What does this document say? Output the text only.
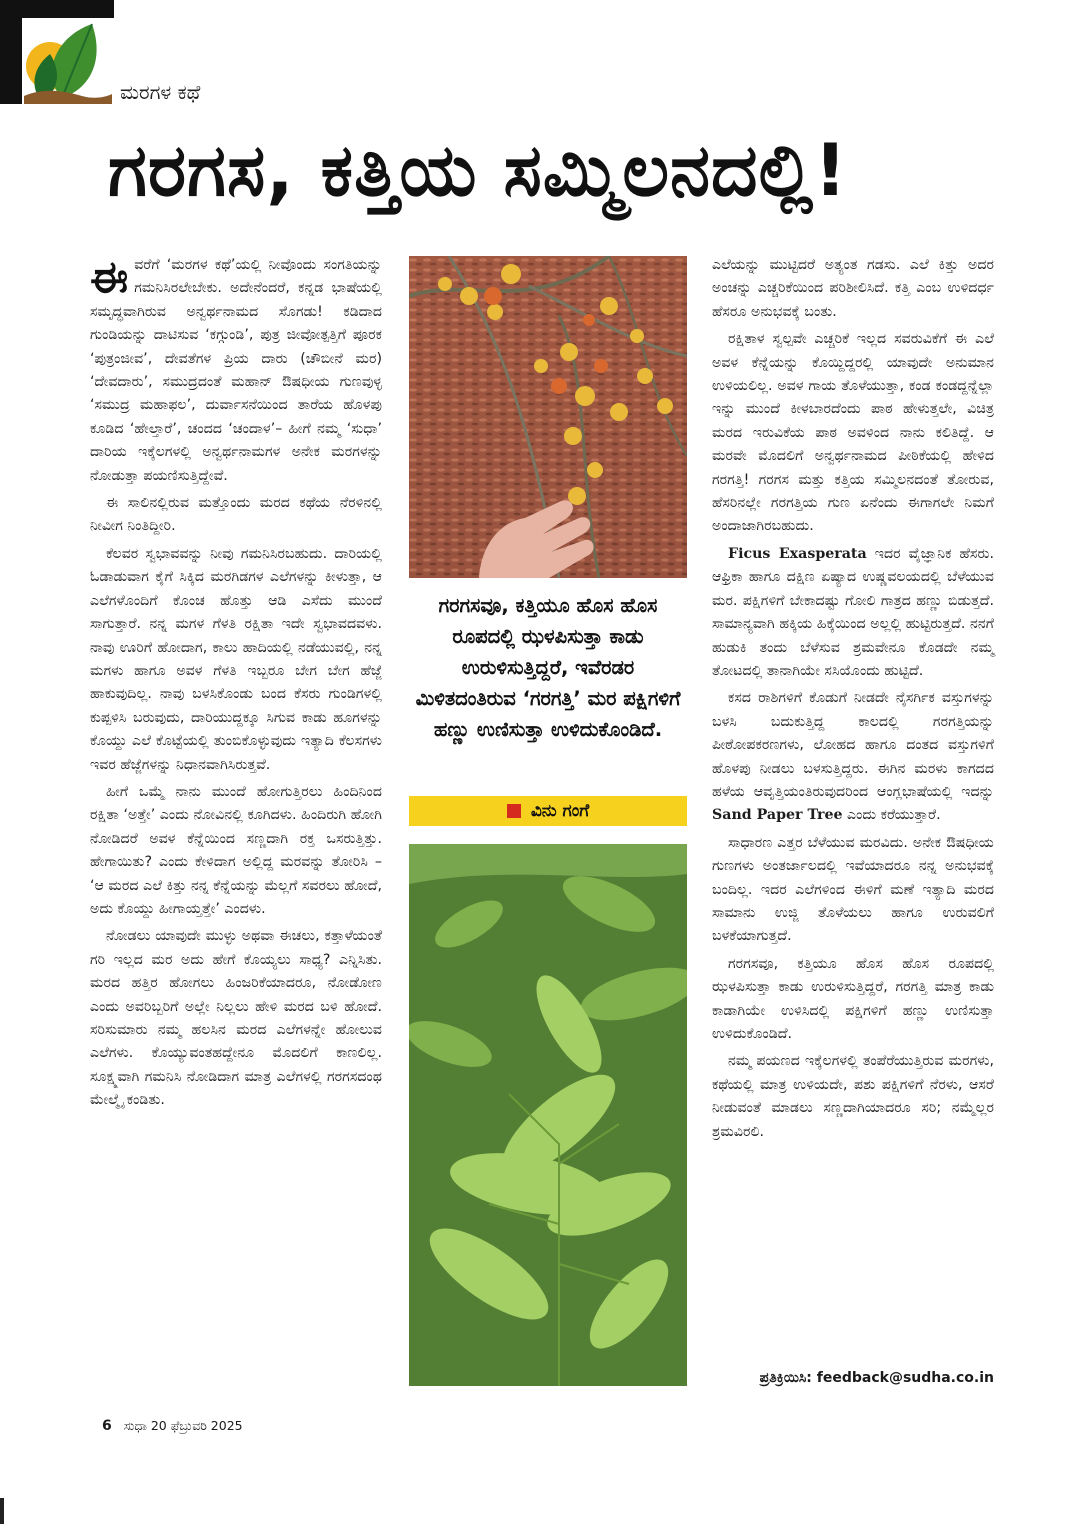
ಮರಗಳ ಕಥೆ
ಗರಗಸ, ಕತ್ತಿಯ ಸಮ್ಮಿಲನದಲ್ಲಿ!

ಈವರೆಗೆ ‘ಮರಗಳ ಕಥೆ’ಯಲ್ಲಿ ನೀವೊಂದು ಸಂಗತಿಯನ್ನು ಗಮನಿಸಿರಲೇಬೇಕು. ಅದೇನೆಂದರೆ, ಕನ್ನಡ ಭಾಷೆಯಲ್ಲಿ ಸಮೃದ್ಧವಾಗಿರುವ ಅನ್ವರ್ಥನಾಮದ ಸೊಗಡು! ಕಡಿದಾದ ಗುಂಡಿಯನ್ನು ದಾಟಿಸುವ ‘ಕಗ್ಗುಂಡಿ’, ಪುತ್ರ ಜೀವೋತ್ಪತ್ತಿಗೆ ಪೂರಕ ‘ಪುತ್ರಂಜೀವ’, ದೇವತೆಗಳ ಪ್ರಿಯ ದಾರು (ಚೌಬೀನೆ ಮರ) ‘ದೇವದಾರು’, ಸಮುದ್ರದಂತೆ ಮಹಾನ್ ಔಷಧೀಯ ಗುಣವುಳ್ಳ ‘ಸಮುದ್ರ ಮಹಾಫಲ’, ದುರ್ವಾಸನೆಯಿಂದ ತಾರೆಯ ಹೊಳಪು ಕೂಡಿದ ‘ಹೇಲ್ತಾರೆ’, ಚಂದದ ‘ಚಂದಾಳ’– ಹೀಗೆ ನಮ್ಮ ‘ಸುಧಾ’ ದಾರಿಯ ಇಕ್ಕೆಲಗಳಲ್ಲಿ ಅನ್ವರ್ಥನಾಮಗಳ ಅನೇಕ ಮರಗಳನ್ನು ನೋಡುತ್ತಾ ಪಯಣಿಸುತ್ತಿದ್ದೇವೆ.

ಈ ಸಾಲಿನಲ್ಲಿರುವ ಮತ್ತೊಂದು ಮರದ ಕಥೆಯ ನೆರಳಿನಲ್ಲಿ ನೀವೀಗ ನಿಂತಿದ್ದೀರಿ.

ಕೆಲವರ ಸ್ವಭಾವವನ್ನು ನೀವು ಗಮನಿಸಿರಬಹುದು. ದಾರಿಯಲ್ಲಿ ಓಡಾಡುವಾಗ ಕೈಗೆ ಸಿಕ್ಕಿದ ಮರಗಿಡಗಳ ಎಲೆಗಳನ್ನು ಕೀಳುತ್ತಾ, ಆ ಎಲೆಗಳೊಂದಿಗೆ ಕೊಂಚ ಹೊತ್ತು ಆಡಿ ಎಸೆದು ಮುಂದೆ ಸಾಗುತ್ತಾರೆ. ನನ್ನ ಮಗಳ ಗೆಳತಿ ರಕ್ಷಿತಾ ಇದೇ ಸ್ವಭಾವದವಳು. ನಾವು ಊರಿಗೆ ಹೋದಾಗ, ಕಾಲು ಹಾದಿಯಲ್ಲಿ ನಡೆಯುವಲ್ಲಿ, ನನ್ನ ಮಗಳು ಹಾಗೂ ಅವಳ ಗೆಳತಿ ಇಬ್ಬರೂ ಬೇಗ ಬೇಗ ಹೆಜ್ಜೆ ಹಾಕುವುದಿಲ್ಲ. ನಾವು ಬಳಸಿಕೊಂಡು ಬಂದ ಕೆಸರು ಗುಂಡಿಗಳಲ್ಲಿ ಕುಪ್ಪಳಿಸಿ ಬರುವುದು, ದಾರಿಯುದ್ದಕ್ಕೂ ಸಿಗುವ ಕಾಡು ಹೂಗಳನ್ನು ಕೊಯ್ದು ಎಲೆ ಕೊಟ್ಟೆಯಲ್ಲಿ ತುಂಬಿಕೊಳ್ಳುವುದು ಇತ್ಯಾದಿ ಕೆಲಸಗಳು ಇವರ ಹೆಜ್ಜೆಗಳನ್ನು ನಿಧಾನವಾಗಿಸಿರುತ್ತವೆ.

ಹೀಗೆ ಒಮ್ಮೆ ನಾನು ಮುಂದೆ ಹೋಗುತ್ತಿರಲು ಹಿಂದಿನಿಂದ ರಕ್ಷಿತಾ ‘ಅತ್ತೇ’ ಎಂದು ನೋವಿನಲ್ಲಿ ಕೂಗಿದಳು. ಹಿಂದಿರುಗಿ ಹೋಗಿ ನೋಡಿದರೆ ಅವಳ ಕೆನ್ನೆಯಿಂದ ಸಣ್ಣದಾಗಿ ರಕ್ತ ಒಸರುತ್ತಿತ್ತು. ಹೇಗಾಯಿತು? ಎಂದು ಕೇಳಿದಾಗ ಅಲ್ಲಿದ್ದ ಮರವನ್ನು ತೋರಿಸಿ – ‘ಆ ಮರದ ಎಲೆ ಕಿತ್ತು ನನ್ನ ಕೆನ್ನೆಯನ್ನು ಮೆಲ್ಲಗೆ ಸವರಲು ಹೋದೆ, ಅದು ಕೊಯ್ದು ಹೀಗಾಯ್ತತ್ತೇ’ ಎಂದಳು.

ನೋಡಲು ಯಾವುದೇ ಮುಳ್ಳು ಅಥವಾ ಈಚಲು, ಕತ್ತಾಳೆಯಂತೆ ಗರಿ ಇಲ್ಲದ ಮರ ಅದು ಹೇಗೆ ಕೊಯ್ಯಲು ಸಾಧ್ಯ? ಎನ್ನಿಸಿತು. ಮರದ ಹತ್ತಿರ ಹೋಗಲು ಹಿಂಜರಿಕೆಯಾದರೂ, ನೋಡೋಣ ಎಂದು ಅವರಿಬ್ಬರಿಗೆ ಅಲ್ಲೇ ನಿಲ್ಲಲು ಹೇಳಿ ಮರದ ಬಳಿ ಹೋದೆ. ಸರಿಸುಮಾರು ನಮ್ಮ ಹಲಸಿನ ಮರದ ಎಲೆಗಳನ್ನೇ ಹೋಲುವ ಎಲೆಗಳು. ಕೊಯ್ಯುವಂತಹದ್ದೇನೂ ಮೊದಲಿಗೆ ಕಾಣಲಿಲ್ಲ. ಸೂಕ್ಷ್ಮವಾಗಿ ಗಮನಿಸಿ ನೋಡಿದಾಗ ಮಾತ್ರ ಎಲೆಗಳಲ್ಲಿ ಗರಗಸದಂಥ ಮೇಲ್ಮೈ ಕಂಡಿತು.

ಗರಗಸವೂ, ಕತ್ತಿಯೂ ಹೊಸ ಹೊಸ ರೂಪದಲ್ಲಿ ಝಳಪಿಸುತ್ತಾ ಕಾಡು ಉರುಳಿಸುತ್ತಿದ್ದರೆ, ಇವೆರಡರ ಮಿಳಿತದಂತಿರುವ ‘ಗರಗತ್ತಿ’ ಮರ ಪಕ್ಷಿಗಳಿಗೆ ಹಣ್ಣು ಉಣಿಸುತ್ತಾ ಉಳಿದುಕೊಂಡಿದೆ.
ವಿನು ಗಂಗೆ

ಎಲೆಯನ್ನು ಮುಟ್ಟಿದರೆ ಅತ್ಯಂತ ಗಡಸು. ಎಲೆ ಕಿತ್ತು ಅದರ ಅಂಚನ್ನು ಎಚ್ಚರಿಕೆಯಿಂದ ಪರಿಶೀಲಿಸಿದೆ. ಕತ್ತಿ ಎಂಬ ಉಳಿದರ್ಧ ಹೆಸರೂ ಅನುಭವಕ್ಕೆ ಬಂತು.

ರಕ್ಷಿತಾಳ ಸ್ವಲ್ಪವೇ ಎಚ್ಚರಿಕೆ ಇಲ್ಲದ ಸವರುವಿಕೆಗೆ ಈ ಎಲೆ ಅವಳ ಕೆನ್ನೆಯನ್ನು ಕೊಯ್ದಿದ್ದರಲ್ಲಿ ಯಾವುದೇ ಅನುಮಾನ ಉಳಿಯಲಿಲ್ಲ. ಅವಳ ಗಾಯ ತೊಳೆಯುತ್ತಾ, ಕಂಡ ಕಂಡದ್ದನ್ನೆಲ್ಲಾ ಇನ್ನು ಮುಂದೆ ಕೀಳಬಾರದೆಂದು ಪಾಠ ಹೇಳುತ್ತಲೇ, ವಿಚಿತ್ರ ಮರದ ಇರುವಿಕೆಯ ಪಾಠ ಅವಳಿಂದ ನಾನು ಕಲಿತಿದ್ದೆ. ಆ ಮರವೇ ಮೊದಲಿಗೆ ಅನ್ವರ್ಥನಾಮದ ಪೀಠಿಕೆಯಲ್ಲಿ ಹೇಳಿದ ಗರಗತ್ತಿ! ಗರಗಸ ಮತ್ತು ಕತ್ತಿಯ ಸಮ್ಮಿಲನದಂತೆ ತೋರುವ, ಹೆಸರಿನಲ್ಲೇ ಗರಗತ್ತಿಯ ಗುಣ ಏನೆಂದು ಈಗಾಗಲೇ ನಿಮಗೆ ಅಂದಾಜಾಗಿರಬಹುದು.

Ficus Exasperata ಇದರ ವೈಜ್ಞಾನಿಕ ಹೆಸರು. ಆಫ್ರಿಕಾ ಹಾಗೂ ದಕ್ಷಿಣ ಏಷ್ಯಾದ ಉಷ್ಣವಲಯದಲ್ಲಿ ಬೆಳೆಯುವ ಮರ. ಪಕ್ಷಿಗಳಿಗೆ ಬೇಕಾದಷ್ಟು ಗೋಲಿ ಗಾತ್ರದ ಹಣ್ಣು ಬಿಡುತ್ತದೆ. ಸಾಮಾನ್ಯವಾಗಿ ಹಕ್ಕಿಯ ಹಿಕ್ಕೆಯಿಂದ ಅಲ್ಲಲ್ಲಿ ಹುಟ್ಟಿರುತ್ತದೆ. ನನಗೆ ಹುಡುಕಿ ತಂದು ಬೆಳೆಸುವ ಶ್ರಮವೇನೂ ಕೊಡದೇ ನಮ್ಮ ತೋಟದಲ್ಲಿ ತಾನಾಗಿಯೇ ಸಸಿಯೊಂದು ಹುಟ್ಟಿದೆ.

ಕಸದ ರಾಶಿಗಳಿಗೆ ಕೊಡುಗೆ ನೀಡದೇ ನೈಸರ್ಗಿಕ ವಸ್ತುಗಳನ್ನು ಬಳಸಿ ಬದುಕುತ್ತಿದ್ದ ಕಾಲದಲ್ಲಿ ಗರಗತ್ತಿಯನ್ನು ಪೀಠೋಪಕರಣಗಳು, ಲೋಹದ ಹಾಗೂ ದಂತದ ವಸ್ತುಗಳಿಗೆ ಹೊಳಪು ನೀಡಲು ಬಳಸುತ್ತಿದ್ದರು. ಈಗಿನ ಮರಳು ಕಾಗದದ ಹಳೆಯ ಆವೃತ್ತಿಯಂತಿರುವುದರಿಂದ ಆಂಗ್ಲಭಾಷೆಯಲ್ಲಿ ಇದನ್ನು Sand Paper Tree ಎಂದು ಕರೆಯುತ್ತಾರೆ.

ಸಾಧಾರಣ ಎತ್ತರ ಬೆಳೆಯುವ ಮರವಿದು. ಅನೇಕ ಔಷಧೀಯ ಗುಣಗಳು ಅಂತರ್ಜಾಲದಲ್ಲಿ ಇವೆಯಾದರೂ ನನ್ನ ಅನುಭವಕ್ಕೆ ಬಂದಿಲ್ಲ. ಇದರ ಎಲೆಗಳಿಂದ ಈಳಿಗೆ ಮಣೆ ಇತ್ಯಾದಿ ಮರದ ಸಾಮಾನು ಉಜ್ಜಿ ತೊಳೆಯಲು ಹಾಗೂ ಉರುವಲಿಗೆ ಬಳಕೆಯಾಗುತ್ತದೆ.

ಗರಗಸವೂ, ಕತ್ತಿಯೂ ಹೊಸ ಹೊಸ ರೂಪದಲ್ಲಿ ಝಳಪಿಸುತ್ತಾ ಕಾಡು ಉರುಳಿಸುತ್ತಿದ್ದರೆ, ಗರಗತ್ತಿ ಮಾತ್ರ ಕಾಡು ಕಾಡಾಗಿಯೇ ಉಳಿಸಿದಲ್ಲಿ ಪಕ್ಷಿಗಳಿಗೆ ಹಣ್ಣು ಉಣಿಸುತ್ತಾ ಉಳಿದುಕೊಂಡಿದೆ.

ನಮ್ಮ ಪಯಣದ ಇಕ್ಕೆಲಗಳಲ್ಲಿ ತಂಪೆರೆಯುತ್ತಿರುವ ಮರಗಳು, ಕಥೆಯಲ್ಲಿ ಮಾತ್ರ ಉಳಿಯದೇ, ಪಶು ಪಕ್ಷಿಗಳಿಗೆ ನೆರಳು, ಆಸರೆ ನೀಡುವಂತೆ ಮಾಡಲು ಸಣ್ಣದಾಗಿಯಾದರೂ ಸರಿ; ನಮ್ಮೆಲ್ಲರ ಶ್ರಮವಿರಲಿ.

ಪ್ರತಿಕ್ರಿಯಿಸಿ: feedback@sudha.co.in
6 ಸುಧಾ 20 ಫೆಬ್ರುವರಿ 2025
